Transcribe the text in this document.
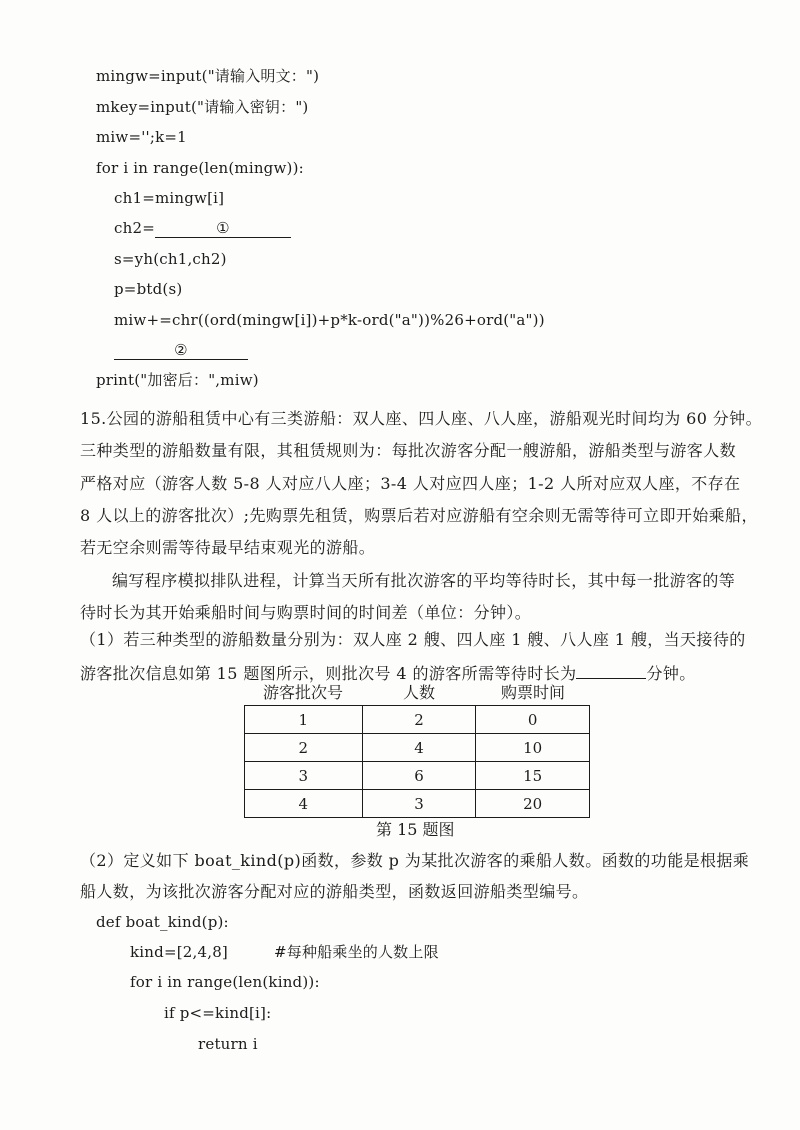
mingw=input("请输入明文：")
mkey=input("请输入密钥：")
miw='';k=1
for i in range(len(mingw)):
ch1=mingw[i]
ch2=	①
s=yh(ch1,ch2)
p=btd(s)
miw+=chr((ord(mingw[i])+p*k-ord("a"))%26+ord("a"))
②
print("加密后：",miw)
15.公园的游船租赁中心有三类游船：双人座、四人座、八人座，游船观光时间均为 60 分钟。
三种类型的游船数量有限，其租赁规则为：每批次游客分配一艘游船，游船类型与游客人数
严格对应（游客人数 5-8 人对应八人座；3-4 人对应四人座；1-2 人所对应双人座，不存在
8 人以上的游客批次）;先购票先租赁，购票后若对应游船有空余则无需等待可立即开始乘船，
若无空余则需等待最早结束观光的游船。
编写程序模拟排队进程，计算当天所有批次游客的平均等待时长，其中每一批游客的等
待时长为其开始乘船时间与购票时间的时间差（单位：分钟）。
（1）若三种类型的游船数量分别为：双人座 2 艘、四人座 1 艘、八人座 1 艘，当天接待的
游客批次信息如第 15 题图所示，则批次号 4 的游客所需等待时长为	分钟。
游客批次号	人数	购票时间
1	2	0
2	4	10
3	6	15
4	3	20
第 15 题图
（2）定义如下 boat_kind(p)函数，参数 p 为某批次游客的乘船人数。函数的功能是根据乘
船人数，为该批次游客分配对应的游船类型，函数返回游船类型编号。
def boat_kind(p):
kind=[2,4,8]	#每种船乘坐的人数上限
for i in range(len(kind)):
if p<=kind[i]:
return i
